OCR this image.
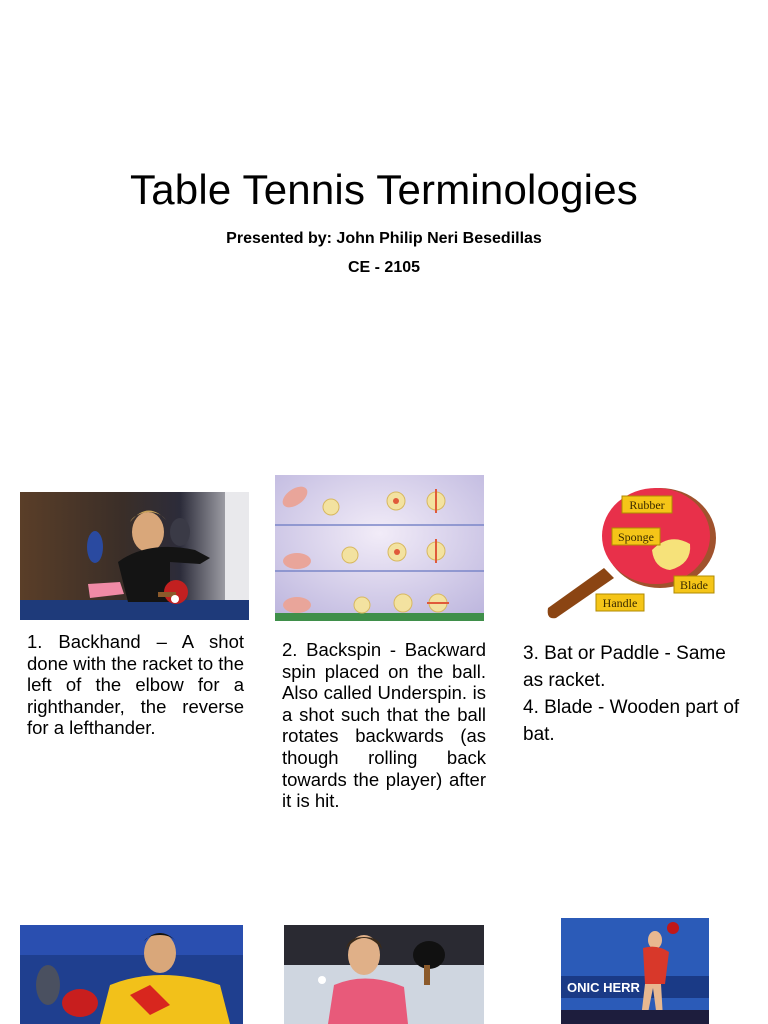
Table Tennis Terminologies
Presented by: John Philip Neri Besedillas
CE - 2105
1. Backhand – A shot done with the racket to the left of the elbow for a righthander, the reverse for a lefthander.
2. Backspin - Backward spin placed on the ball. Also called Underspin. is a shot such that the ball rotates backwards (as though rolling back towards the player) after it is hit.
Rubber
Sponge
Blade
Handle
3. Bat or Paddle - Same as racket.
4. Blade - Wooden part of bat.
ONIC HERR
